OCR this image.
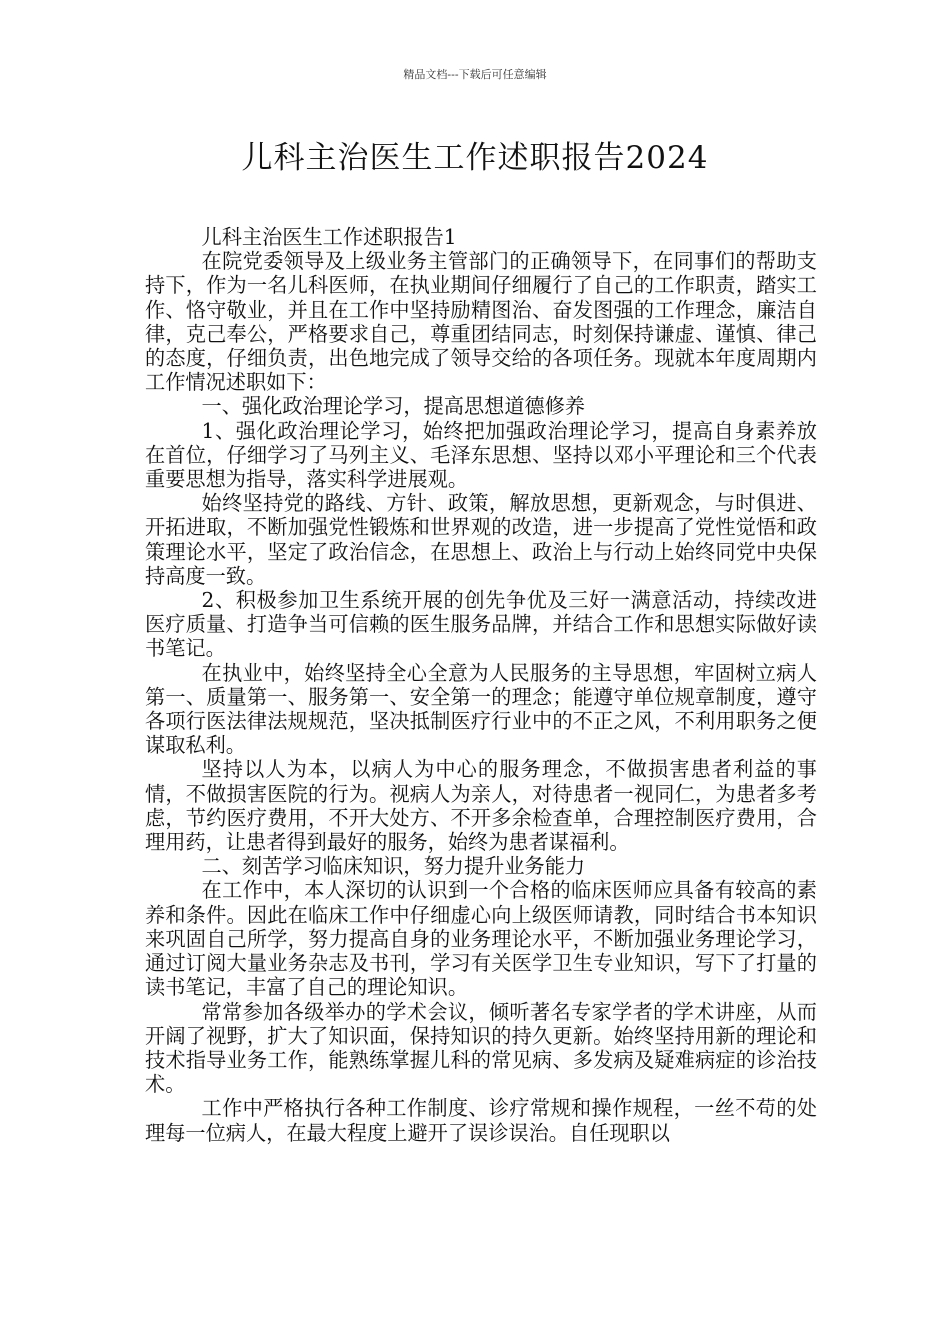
精品文档---下载后可任意编辑
儿科主治医生工作述职报告2024

儿科主治医生工作述职报告1

在院党委领导及上级业务主管部门的正确领导下，在同事们的帮助支持下，作为一名儿科医师，在执业期间仔细履行了自己的工作职责，踏实工作、恪守敬业，并且在工作中坚持励精图治、奋发图强的工作理念，廉洁自律，克己奉公，严格要求自己，尊重团结同志，时刻保持谦虚、谨慎、律己的态度，仔细负责，出色地完成了领导交给的各项任务。现就本年度周期内工作情况述职如下：

一、强化政治理论学习，提高思想道德修养

1、强化政治理论学习，始终把加强政治理论学习，提高自身素养放在首位，仔细学习了马列主义、毛泽东思想、坚持以邓小平理论和三个代表重要思想为指导，落实科学进展观。

始终坚持党的路线、方针、政策，解放思想，更新观念，与时俱进、开拓进取，不断加强党性锻炼和世界观的改造，进一步提高了党性觉悟和政策理论水平，坚定了政治信念，在思想上、政治上与行动上始终同党中央保持高度一致。

2、积极参加卫生系统开展的创先争优及三好一满意活动，持续改进医疗质量、打造争当可信赖的医生服务品牌，并结合工作和思想实际做好读书笔记。

在执业中，始终坚持全心全意为人民服务的主导思想，牢固树立病人第一、质量第一、服务第一、安全第一的理念；能遵守单位规章制度，遵守各项行医法律法规规范，坚决抵制医疗行业中的不正之风，不利用职务之便谋取私利。

坚持以人为本，以病人为中心的服务理念，不做损害患者利益的事情，不做损害医院的行为。视病人为亲人，对待患者一视同仁，为患者多考虑，节约医疗费用，不开大处方、不开多余检查单，合理控制医疗费用，合理用药，让患者得到最好的服务，始终为患者谋福利。

二、刻苦学习临床知识，努力提升业务能力

在工作中，本人深切的认识到一个合格的临床医师应具备有较高的素养和条件。因此在临床工作中仔细虚心向上级医师请教，同时结合书本知识来巩固自己所学，努力提高自身的业务理论水平，不断加强业务理论学习，通过订阅大量业务杂志及书刊，学习有关医学卫生专业知识，写下了打量的读书笔记，丰富了自己的理论知识。

常常参加各级举办的学术会议，倾听著名专家学者的学术讲座，从而开阔了视野，扩大了知识面，保持知识的持久更新。始终坚持用新的理论和技术指导业务工作，能熟练掌握儿科的常见病、多发病及疑难病症的诊治技术。

工作中严格执行各种工作制度、诊疗常规和操作规程，一丝不苟的处理每一位病人，在最大程度上避开了误诊误治。自任现职以
